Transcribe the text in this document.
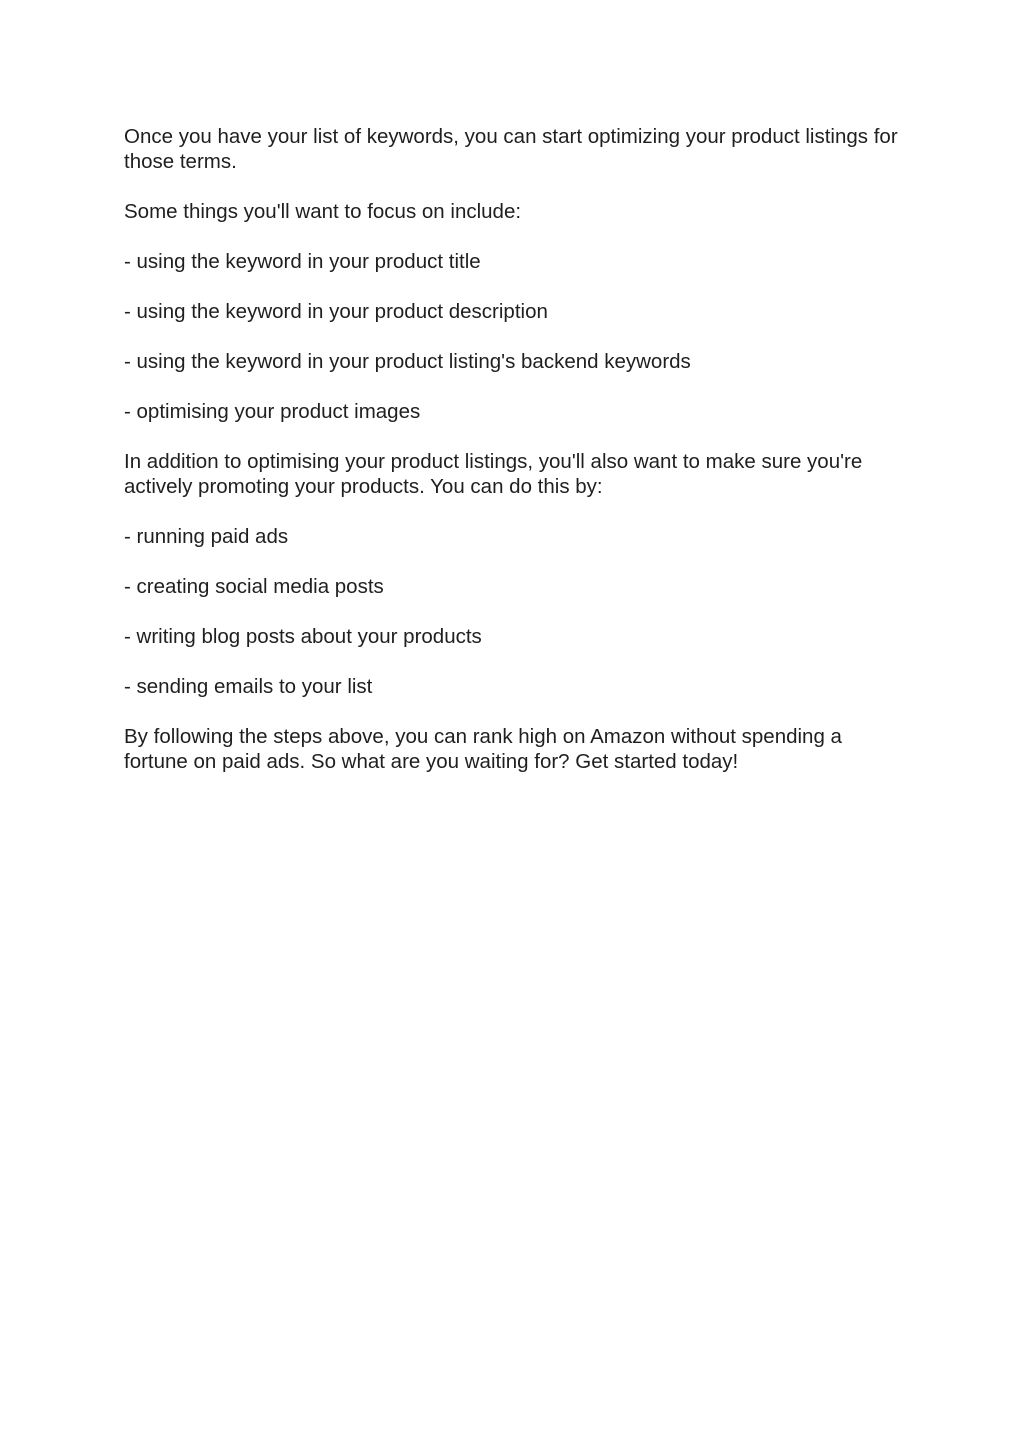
Once you have your list of keywords, you can start optimizing your product listings for those terms.

Some things you'll want to focus on include:

- using the keyword in your product title

- using the keyword in your product description

- using the keyword in your product listing's backend keywords

- optimising your product images

In addition to optimising your product listings, you'll also want to make sure you're actively promoting your products. You can do this by:

- running paid ads

- creating social media posts

- writing blog posts about your products

- sending emails to your list

By following the steps above, you can rank high on Amazon without spending a fortune on paid ads. So what are you waiting for? Get started today!
